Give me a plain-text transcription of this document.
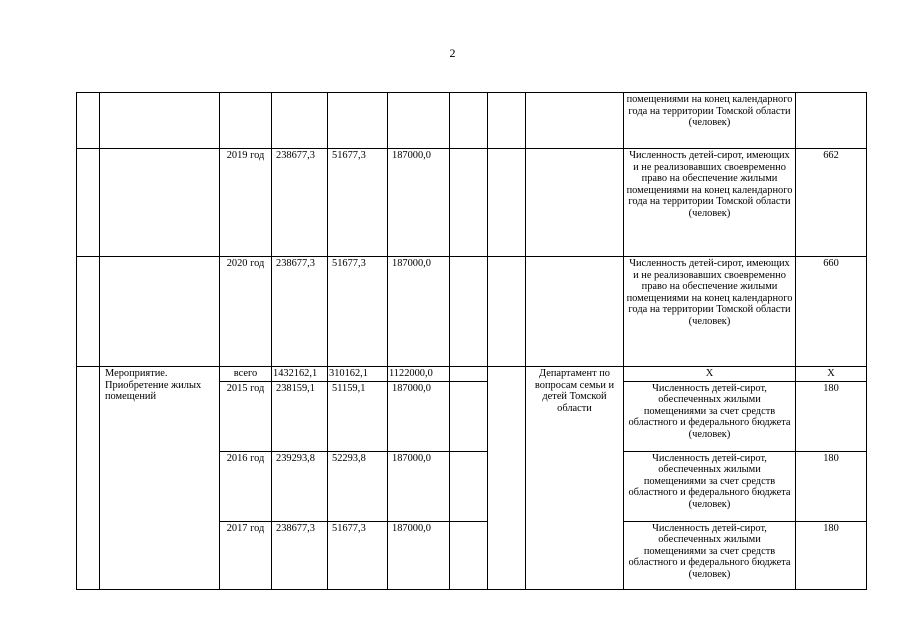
2
									помещениями на конец календарного года на территории Томской области (человек)	
		2019 год	238677,3	51677,3	187000,0				Численность детей-сирот, имеющих и не реализовавших своевременно право на обеспечение жилыми помещениями на конец календарного года на территории Томской области (человек)	662
		2020 год	238677,3	51677,3	187000,0				Численность детей-сирот, имеющих и не реализовавших своевременно право на обеспечение жилыми помещениями на конец календарного года на территории Томской области (человек)	660
	Мероприятие. Приобретение жилых помещений	всего	1432162,1	310162,1	1122000,0			Департамент по вопросам семьи и детей Томской области	Х	Х
		2015 год	238159,1	51159,1	187000,0				Численность детей-сирот, обеспеченных жилыми помещениями за счет средств областного и федерального бюджета (человек)	180
		2016 год	239293,8	52293,8	187000,0				Численность детей-сирот, обеспеченных жилыми помещениями за счет средств областного и федерального бюджета (человек)	180
		2017 год	238677,3	51677,3	187000,0				Численность детей-сирот, обеспеченных жилыми помещениями за счет средств областного и федерального бюджета (человек)	180
